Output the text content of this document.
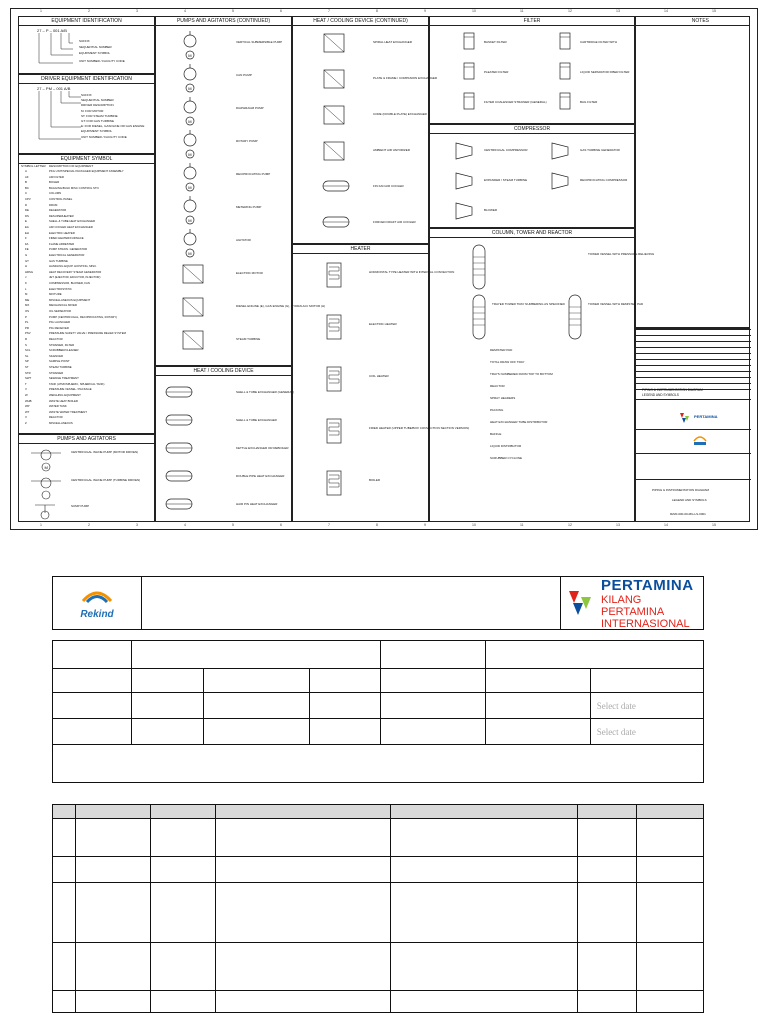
1	2	3	4	5	6	7	8	9	10	11	12	13	14	15
1	2	3	4	5	6	7	8	9	10	11	12	13	14	15
EQUIPMENT IDENTIFICATION
27 – P – 001 A/B
SUFFIX
SEQUENTIAL NUMBER
EQUIPMENT SYMBOL
UNIT NUMBER / FACILITY CODE
DRIVER EQUIPMENT IDENTIFICATION
27 – PM – 001 A/B
SUFFIX
SEQUENTIAL NUMBER
DRIVER DESCRIPTION
M: FOR MOTOR
ST: FOR STEAM TURBINE
GT: FOR GAS TURBINE
E: FOR DIESEL, GASOLINE OR GAS ENGINE
EQUIPMENT SYMBOL
UNIT NUMBER / FACILITY CODE
EQUIPMENT SYMBOL
SYMBOL LETTER DESCRIPTION OF EQUIPMENT
A	PKG UNIT/SPECIAL PACKAGED EQUIPMENT ASSEMBLY
AF	AIR FILTER
B	BOILER
BC	BAGGING/BULK MISC CONTROL STN
C	COLUMN
CPV	CONTROL PANEL
D	DRUM
DE	DEAERATOR
DS	DESUPERHEATER
E	SHELL & TUBE HEAT EXCHANGER
EA	AIR COOLED HEAT EXCHANGER
EH	ELECTRIC HEATER
F	FIRED HEATER/FURNACE
FA	FLAME ARRESTER
FE	PUMP STRAIN. GENERATOR
G	ELECTRICAL GENERATOR
GT	GAS TURBINE
H	HANDLING EQUIP. HOISTING, MISC.
HRSG	HEAT RECOVERY STEAM GENERATOR
J	JET (EJECTOR, EDUCTOR, INJECTOR)
K	COMPRESSOR, BLOWER, FAN
L	ELECTROSTATIC
M	MIXTURE
ME	MISCELLANEOUS EQUIPMENT
MX	MECHANICAL MIXER
OS	OIL SEPARATOR
P	PUMP (CENTRIFUGAL, RECIPROCATING, ROTARY)
PL	PIG LAUNCHER
PR	PIG RECEIVER
PSV	PRESSURE SAFETY VALVE / PRESSURE RELIEF SYSTEM
R	REACTOR
S	STRAINER, FILTER
SCL	SCRUBBER/CLEANER
SL	SILENCER
SP	SAMPLE POINT
ST	STEAM TURBINE
STR	STRAINER
SWT	SEWAGE TREATMENT
T	TANK (ATMOSPHERIC, SPHERICAL TANK)
V	PRESSURE VESSEL / PACKAGE
W	WEIGHING EQUIPMENT
WHB	WASTE HEAT BOILER
WP	WATER TANK
WT	WASTE WATER TREATMENT
X	REACTOR
Z	MISCELLANEOUS
PUMPS AND AGITATORS
M
CENTRIFUGAL INLINE PUMP (MOTOR DRIVEN)
CENTRIFUGAL INLINE PUMP (TURBINE DRIVEN)
SUMP PUMP
PUMPS AND AGITATORS (CONTINUED)
M
VERTICAL SUBMERSIBLE PUMP
M
CAN PUMP
M
DIAPHRAGM PUMP
M
ROTARY PUMP
M
RECIPROCATING PUMP
M
METERING PUMP
M
AGITATOR
ELECTRIC MOTOR
DIESEL ENGINE (E), GAS ENGINE (G), HYDRAULIC MOTOR (H)
STEAM TURBINE
HEAT / COOLING DEVICE
SHELL & TUBE EXCHANGER (GENERAL)
SHELL & TUBE EXCHANGER
KETTLE EXCHANGER OR REBOILER
DOUBLE PIPE HEAT EXCHANGER
HAIR PIN HEAT EXCHANGER
HEAT / COOLING DEVICE (CONTINUED)
SPIRAL HEAT EXCHANGER
PLATE & FRAME / COMPANION EXCHANGER
CORE (DOUBLE PLATE) EXCHANGER
AMBIENT AIR VAPORIZER
FIN FAN AIR COOLER
FORCED DRAFT AIR COOLER
HEATER
HORIZONTAL TYPE HEATER WITH INTERNAL CONVECTION
ELECTRIC HEATER
COIL HEATER
FIRED HEATER (UPPER TUBE/BOX CONVECTION SECTION VERSION)
BOILER
FILTER
BASKET FILTER	CARTRIDGE FILTER WITH
PLEATED FILTER	LIQUID SEPARATOR FIBER FILTER
FILTER COALESCER STRAINER (GENERAL)	BAG FILTER
COMPRESSOR
CENTRIFUGAL COMPRESSOR	GAS TURBINE GENERATOR
EXPANDER / STEAM TURBINE	RECIPROCATING COMPRESSOR
BLOWER
COLUMN, TOWER AND REACTOR
TOWER VESSEL WITH PRESSURE RELIEVING
TRAYED TOWER TRAY NUMBERING AS SPECIFIED	TOWER VESSEL WITH DEMISTER PAD
DEMISTER PAD
TOTAL DRAW OFF TRAY
TRAYS NUMBERED FROM TOP TO BOTTOM
REACTOR
SPRAY HEADERS
PACKING
HEAT EXCHANGER TUBE DISTRIBUTOR
BAFFLE
LIQUID DISTRIBUTOR
SCRUBBER CYCLONE
NOTES
PIPING & INSTRUMENTATION DIAGRAM
LEGEND AND SYMBOLS
PERTAMINA
PIPING & INSTRUMENTATION DIAGRAM
LEGEND AND SYMBOLS
RZ20-000-00-MG-LS-0001
Rekind

PERTAMINA
KILANG PERTAMINA INTERNASIONAL

						Select date
						Select date
